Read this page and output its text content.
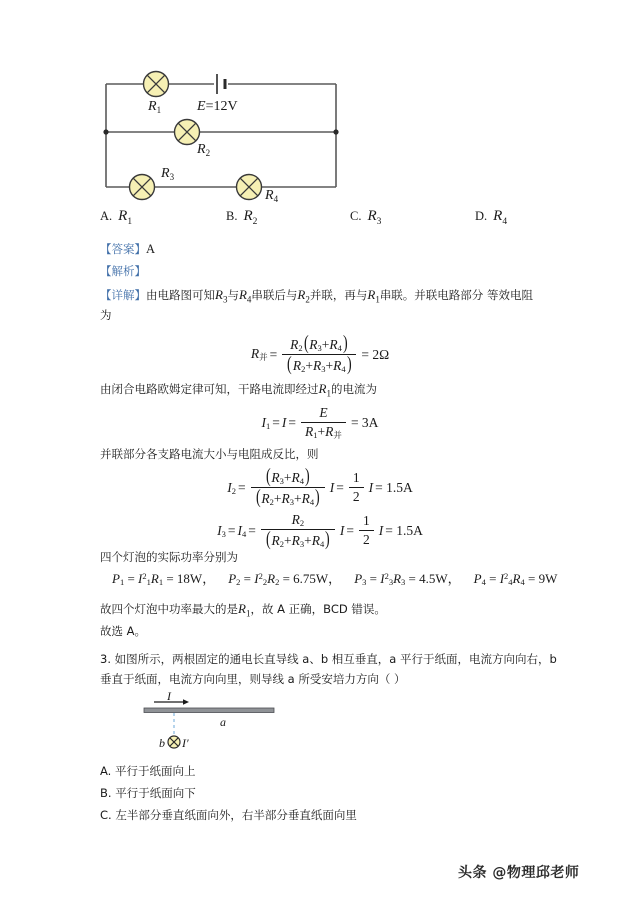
$R_1$
$R_2$
$R_3$
$R_4$
E=12V
A. $R_1$	B. $R_2$	C. $R_3$	D. $R_4$
【答案】A
【解析】
【详解】由电路图可知$R_3$与$R_4$串联后与$R_2$并联，再与$R_1$串联。并联电路部分 等效电阻
为
$R_并 = \frac{R_2(R_3+R_4)}{(R_2+R_3+R_4)} = 2\Omega$
由闭合电路欧姆定律可知，干路电流即经过$R_1$的电流为
$I_1 = I = \frac{E}{R_1+R_并} = 3A$
并联部分各支路电流大小与电阻成反比，则
$I_2 = \frac{(R_3+R_4)}{(R_2+R_3+R_4)}$ $I = \frac{1}{2}$ I = 1.5A
$I_3 = I_4 = \frac{R_2}{(R_2+R_3+R_4)}$ $I = \frac{1}{2}$ I = 1.5A
四个灯泡的实际功率分别为
$P_1 = I^2_1R_1 = 18W$， $P_2 = I^2_2R_2 = 6.75W$， $P_3 = I^2_3R_3 = 4.5W$， $P_4 = I^2_4R_4 = 9W$
故四个灯泡中功率最大的是$R_1$，故 A 正确，BCD 错误。
故选 A。
3. 如图所示，两根固定的通电长直导线 a、b 相互垂直，a 平行于纸面，电流方向向右，b
垂直于纸面，电流方向向里，则导线 a 所受安培力方向（ ）
I
a
b I′
A. 平行于纸面向上
B. 平行于纸面向下
C. 左半部分垂直纸面向外，右半部分垂直纸面向里
头条 @物理邱老师
